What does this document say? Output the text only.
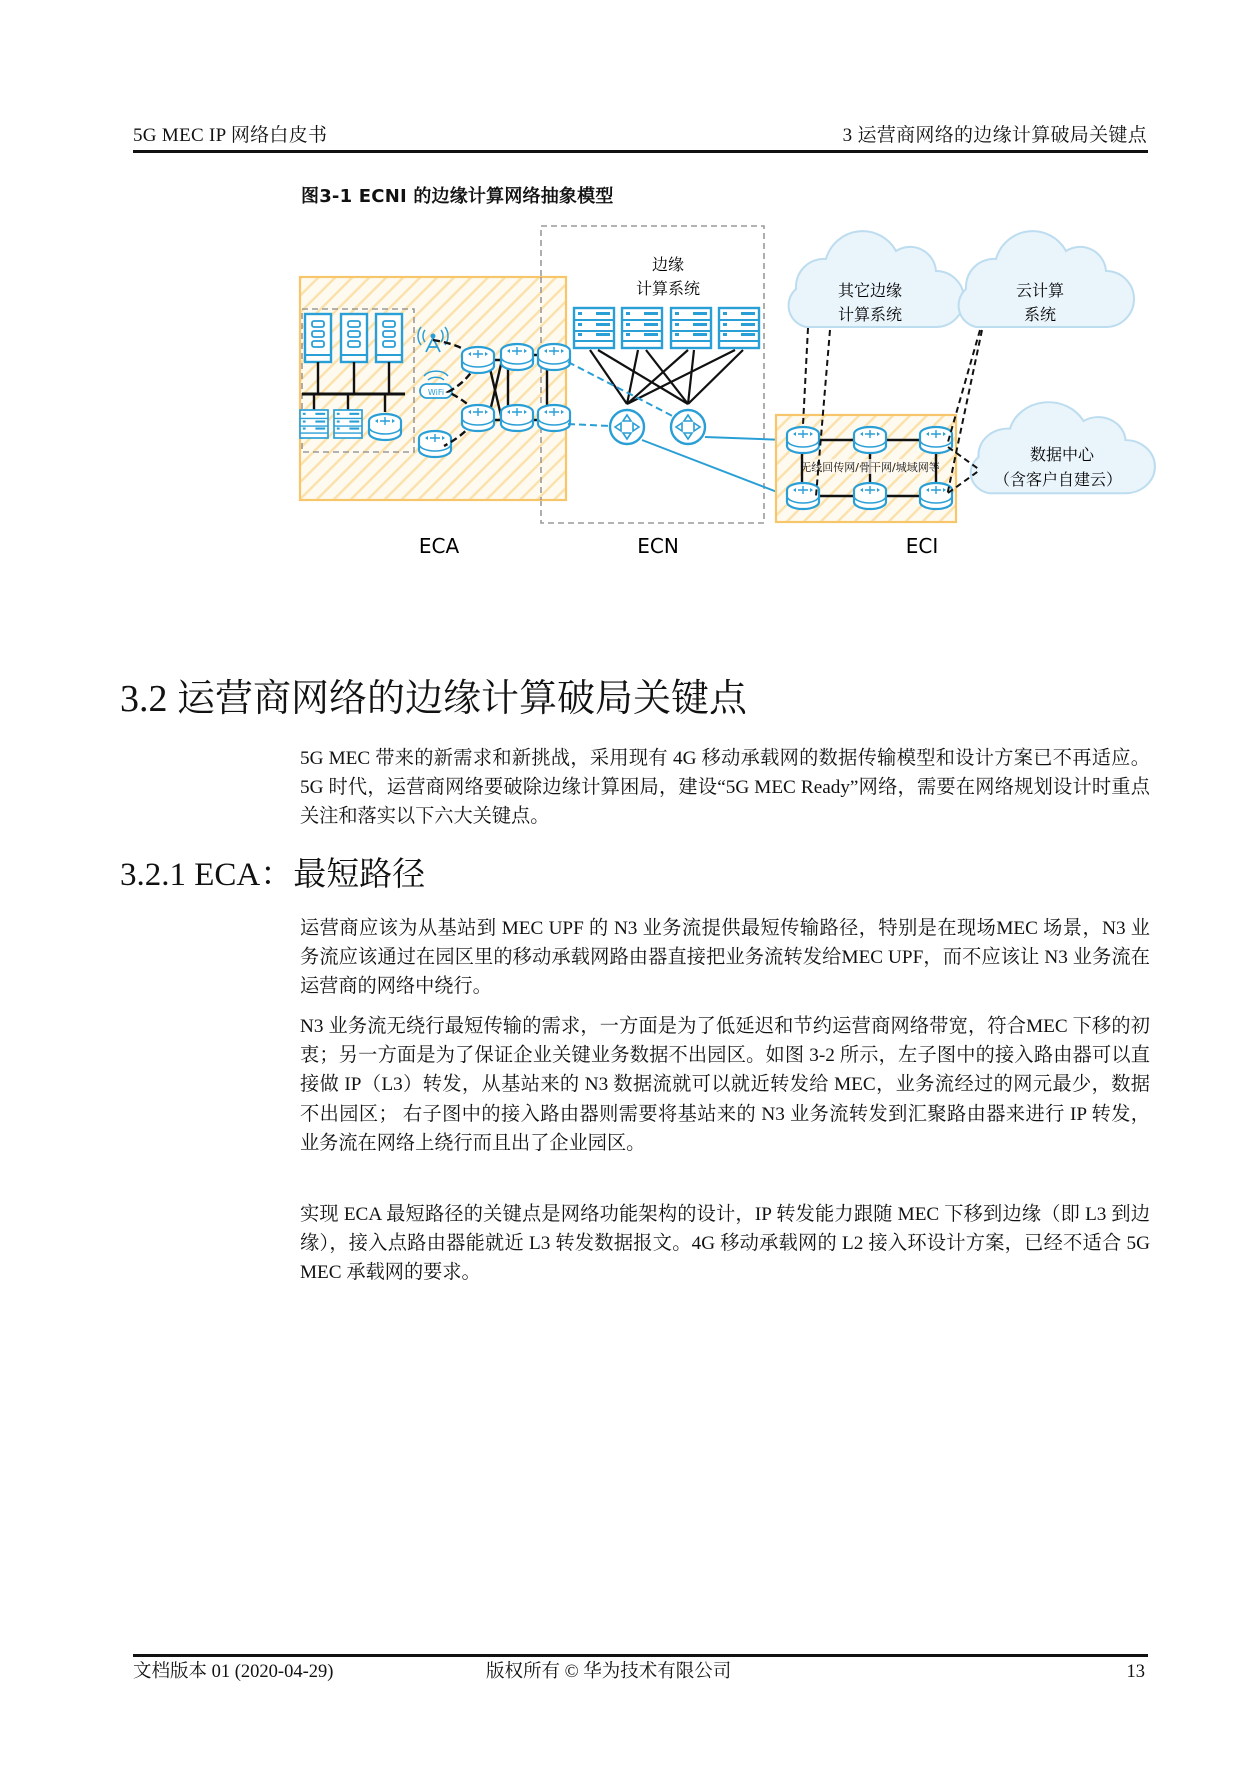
5G MEC IP 网络白皮书	3 运营商网络的边缘计算破局关键点
图3-1 ECNI 的边缘计算网络抽象模型
WiFi
无线回传网/骨干网/城域网等
其它边缘
计算系统
云计算
系统
数据中心
（含客户自建云）
边缘
计算系统
ECA	ECN	ECI
3.2 运营商网络的边缘计算破局关键点

5G MEC 带来的新需求和新挑战，采用现有 4G 移动承载网的数据传输模型和设计方案已不再适应。5G 时代，运营商网络要破除边缘计算困局，建设“5G MEC Ready”网络，需要在网络规划设计时重点关注和落实以下六大关键点。

3.2.1 ECA：最短路径

运营商应该为从基站到 MEC UPF 的 N3 业务流提供最短传输路径，特别是在现场MEC 场景，N3 业务流应该通过在园区里的移动承载网路由器直接把业务流转发给MEC UPF，而不应该让 N3 业务流在运营商的网络中绕行。

N3 业务流无绕行最短传输的需求，一方面是为了低延迟和节约运营商网络带宽，符合MEC 下移的初衷；另一方面是为了保证企业关键业务数据不出园区。如图 3-2 所示，左子图中的接入路由器可以直接做 IP（L3）转发，从基站来的 N3 数据流就可以就近转发给 MEC，业务流经过的网元最少，数据不出园区； 右子图中的接入路由器则需要将基站来的 N3 业务流转发到汇聚路由器来进行 IP 转发，业务流在网络上绕行而且出了企业园区。

实现 ECA 最短路径的关键点是网络功能架构的设计，IP 转发能力跟随 MEC 下移到边缘（即 L3 到边缘），接入点路由器能就近 L3 转发数据报文。4G 移动承载网的 L2 接入环设计方案，已经不适合 5G MEC 承载网的要求。

文档版本 01 (2020-04-29)	版权所有 © 华为技术有限公司	13
